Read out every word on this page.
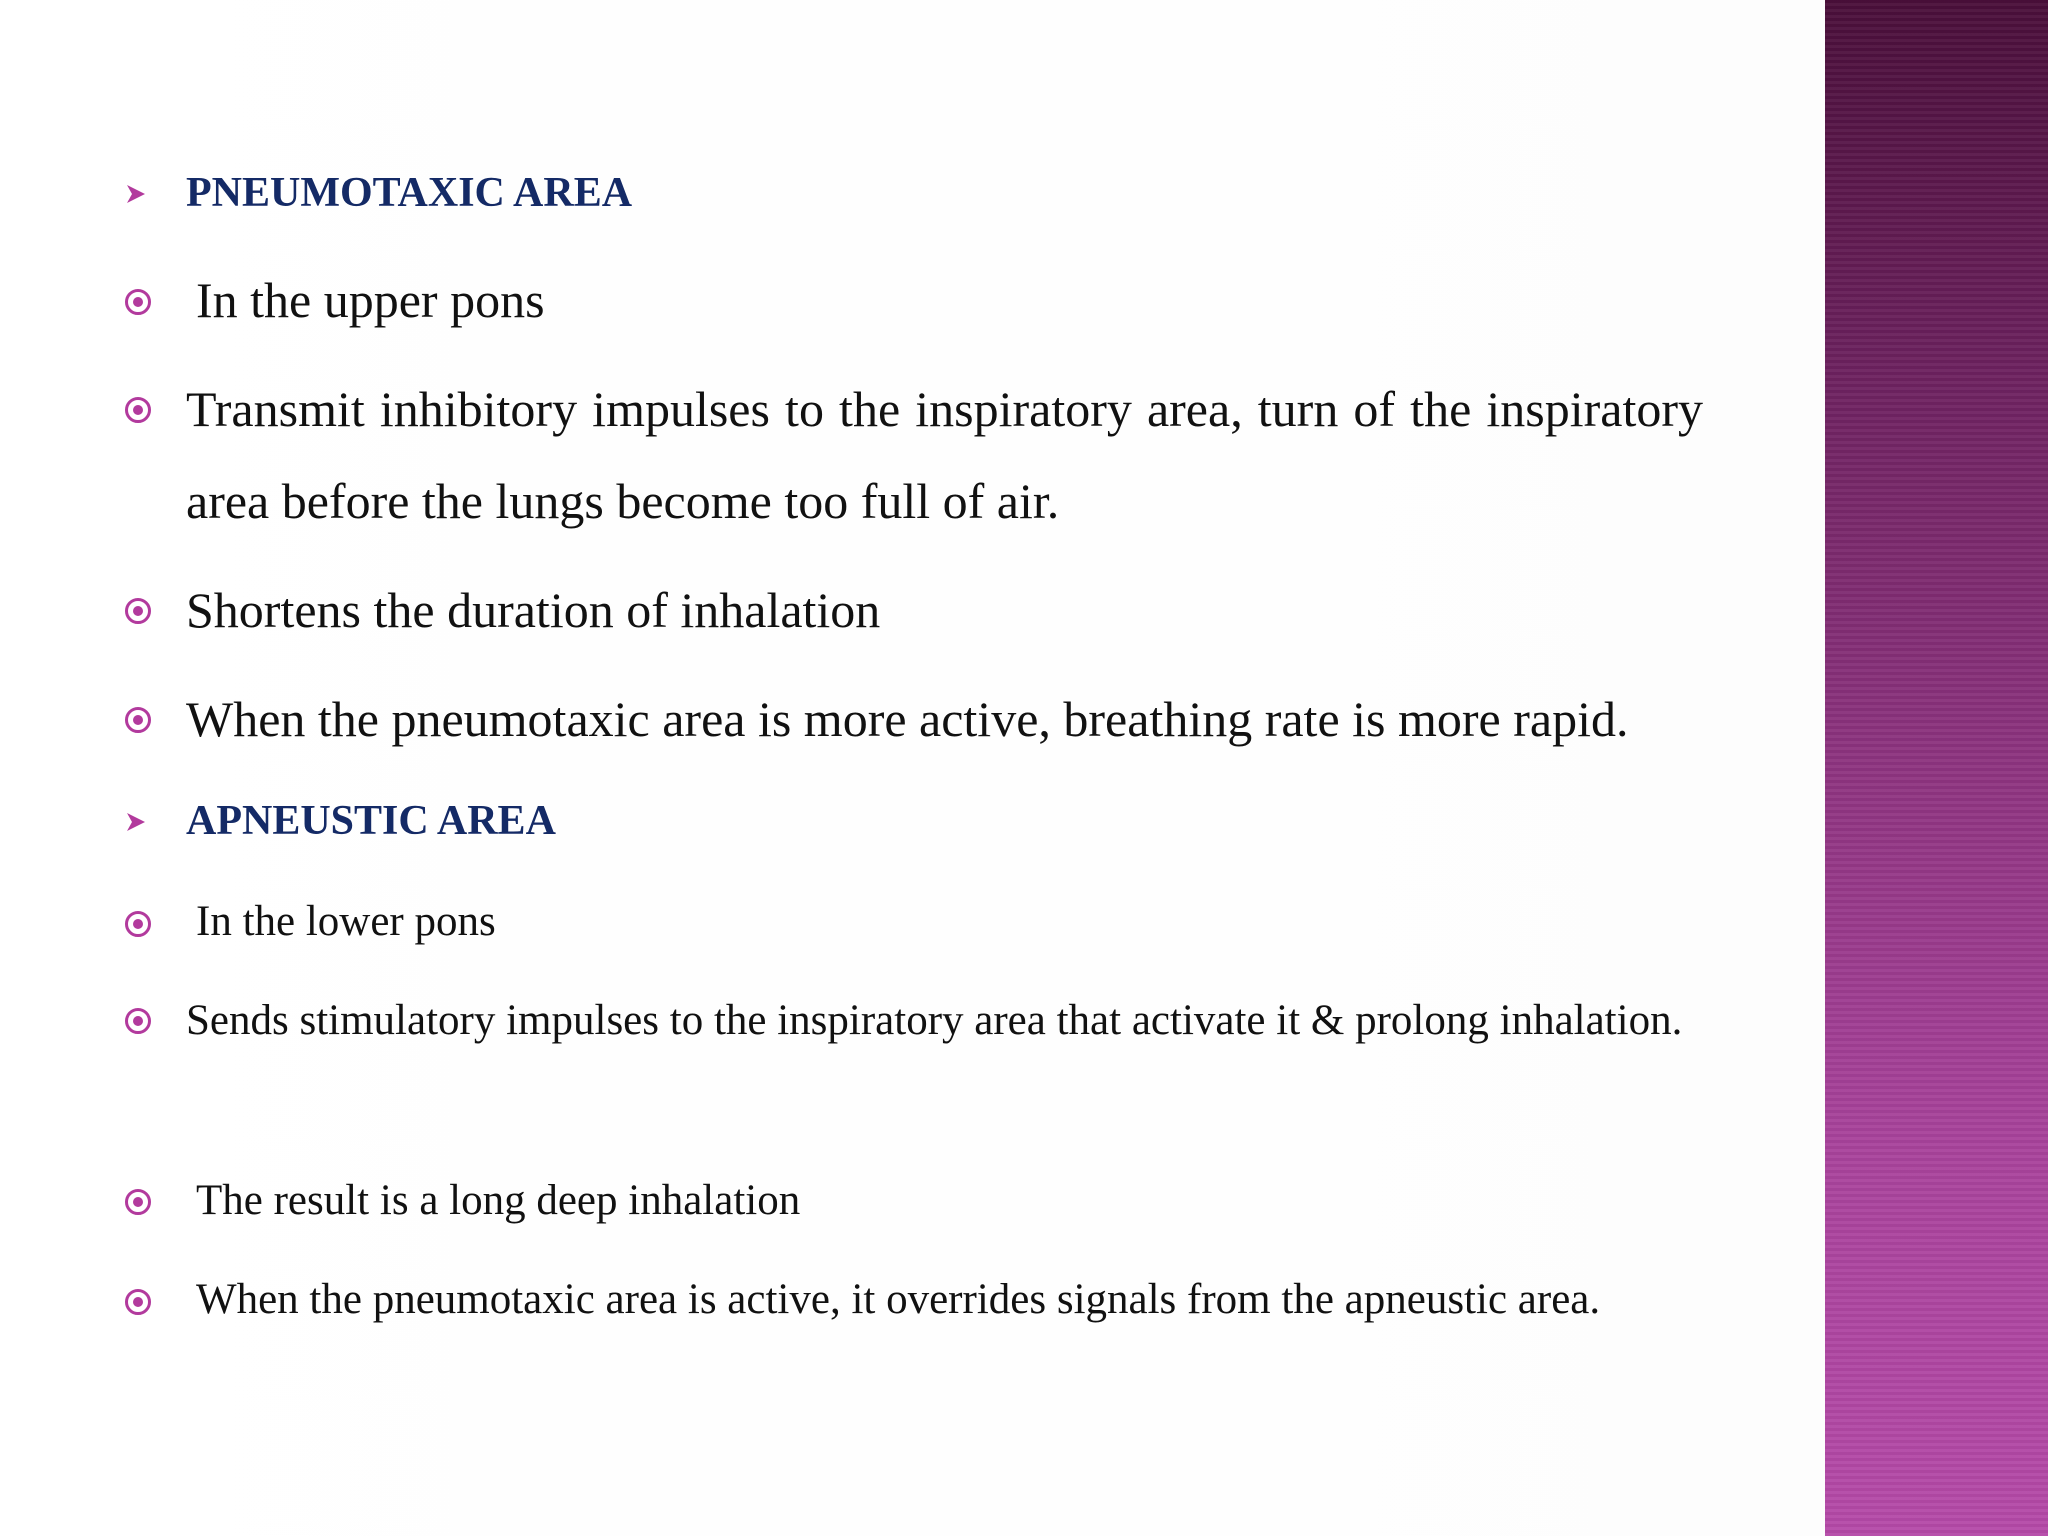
PNEUMOTAXIC AREA
In the upper pons
Transmit inhibitory impulses to the inspiratory area, turn of the inspiratory area before the lungs become too full of air.
Shortens the duration of inhalation
When the pneumotaxic area is more active, breathing rate is more rapid.
APNEUSTIC AREA
In the lower pons
Sends stimulatory impulses to the inspiratory area that activate it & prolong inhalation.
The result is a long deep inhalation
When the pneumotaxic area is active, it overrides signals from the apneustic area.
